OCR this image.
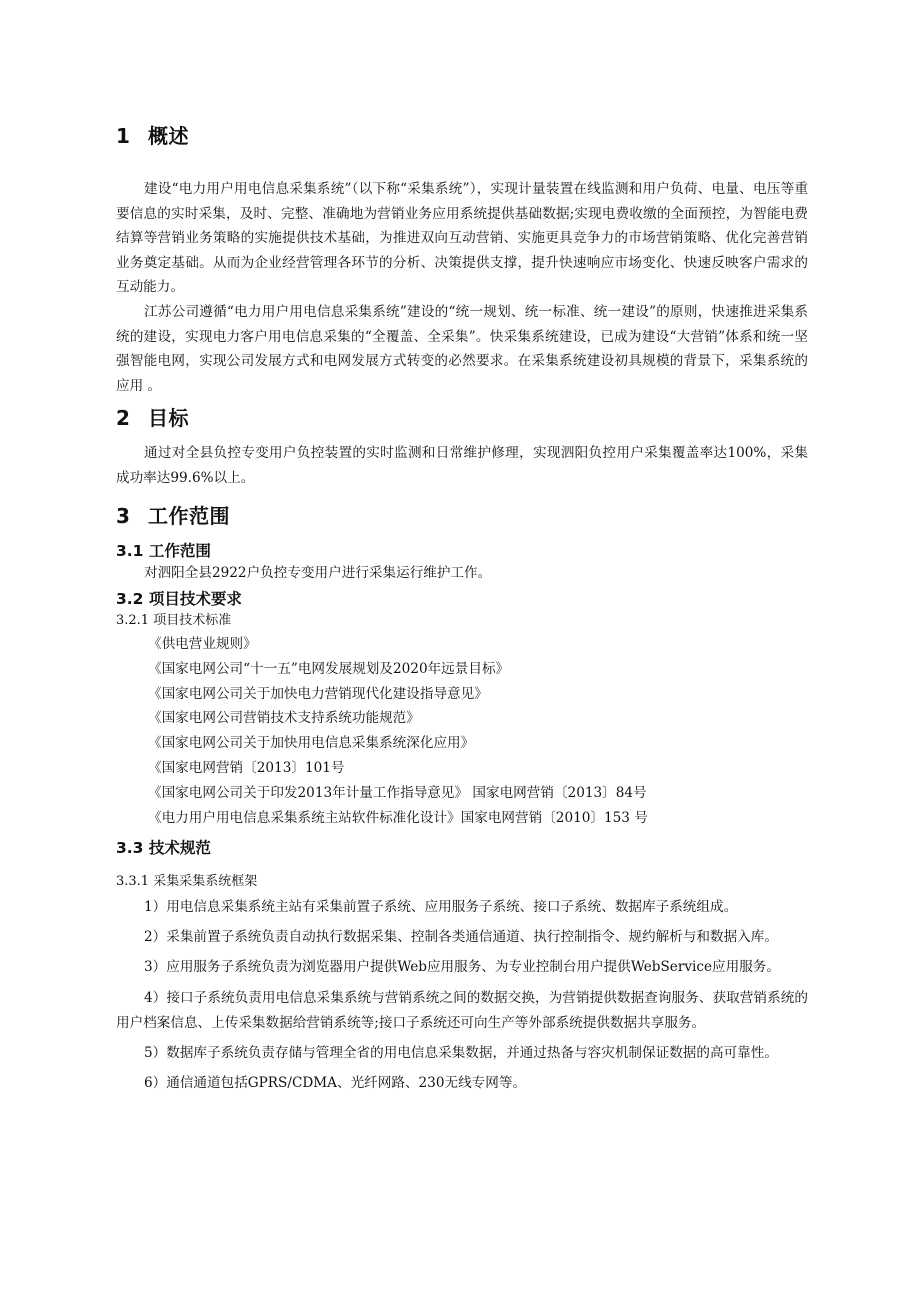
1 概述

建设“电力用户用电信息采集系统”（以下称“采集系统”），实现计量装置在线监测和用户负荷、电量、电压等重要信息的实时采集，及时、完整、准确地为营销业务应用系统提供基础数据;实现电费收缴的全面预控，为智能电费结算等营销业务策略的实施提供技术基础，为推进双向互动营销、实施更具竞争力的市场营销策略、优化完善营销业务奠定基础。从而为企业经营管理各环节的分析、决策提供支撑，提升快速响应市场变化、快速反映客户需求的互动能力。

江苏公司遵循“电力用户用电信息采集系统”建设的“统一规划、统一标准、统一建设”的原则，快速推进采集系统的建设，实现电力客户用电信息采集的“全覆盖、全采集”。快采集系统建设，已成为建设“大营销”体系和统一坚强智能电网，实现公司发展方式和电网发展方式转变的必然要求。在采集系统建设初具规模的背景下，采集系统的应用 。

2 目标

通过对全县负控专变用户负控装置的实时监测和日常维护修理，实现泗阳负控用户采集覆盖率达100%，采集成功率达99.6%以上。

3 工作范围
3.1 工作范围

对泗阳全县2922户负控专变用户进行采集运行维护工作。

3.2 项目技术要求
3.2.1 项目技术标准
《供电营业规则》
《国家电网公司“十一五”电网发展规划及2020年远景目标》
《国家电网公司关于加快电力营销现代化建设指导意见》
《国家电网公司营销技术支持系统功能规范》
《国家电网公司关于加快用电信息采集系统深化应用》
《国家电网营销〔2013〕101号
《国家电网公司关于印发2013年计量工作指导意见》 国家电网营销〔2013〕84号
《电力用户用电信息采集系统主站软件标准化设计》国家电网营销〔2010〕153 号
3.3 技术规范
3.3.1 采集采集系统框架

1）用电信息采集系统主站有采集前置子系统、应用服务子系统、接口子系统、数据库子系统组成。

2）采集前置子系统负责自动执行数据采集、控制各类通信通道、执行控制指令、规约解析与和数据入库。

3）应用服务子系统负责为浏览器用户提供Web应用服务、为专业控制台用户提供WebService应用服务。

4）接口子系统负责用电信息采集系统与营销系统之间的数据交换，为营销提供数据查询服务、获取营销系统的用户档案信息、上传采集数据给营销系统等;接口子系统还可向生产等外部系统提供数据共享服务。

5）数据库子系统负责存储与管理全省的用电信息采集数据，并通过热备与容灾机制保证数据的高可靠性。

6）通信通道包括GPRS/CDMA、光纤网路、230无线专网等。
